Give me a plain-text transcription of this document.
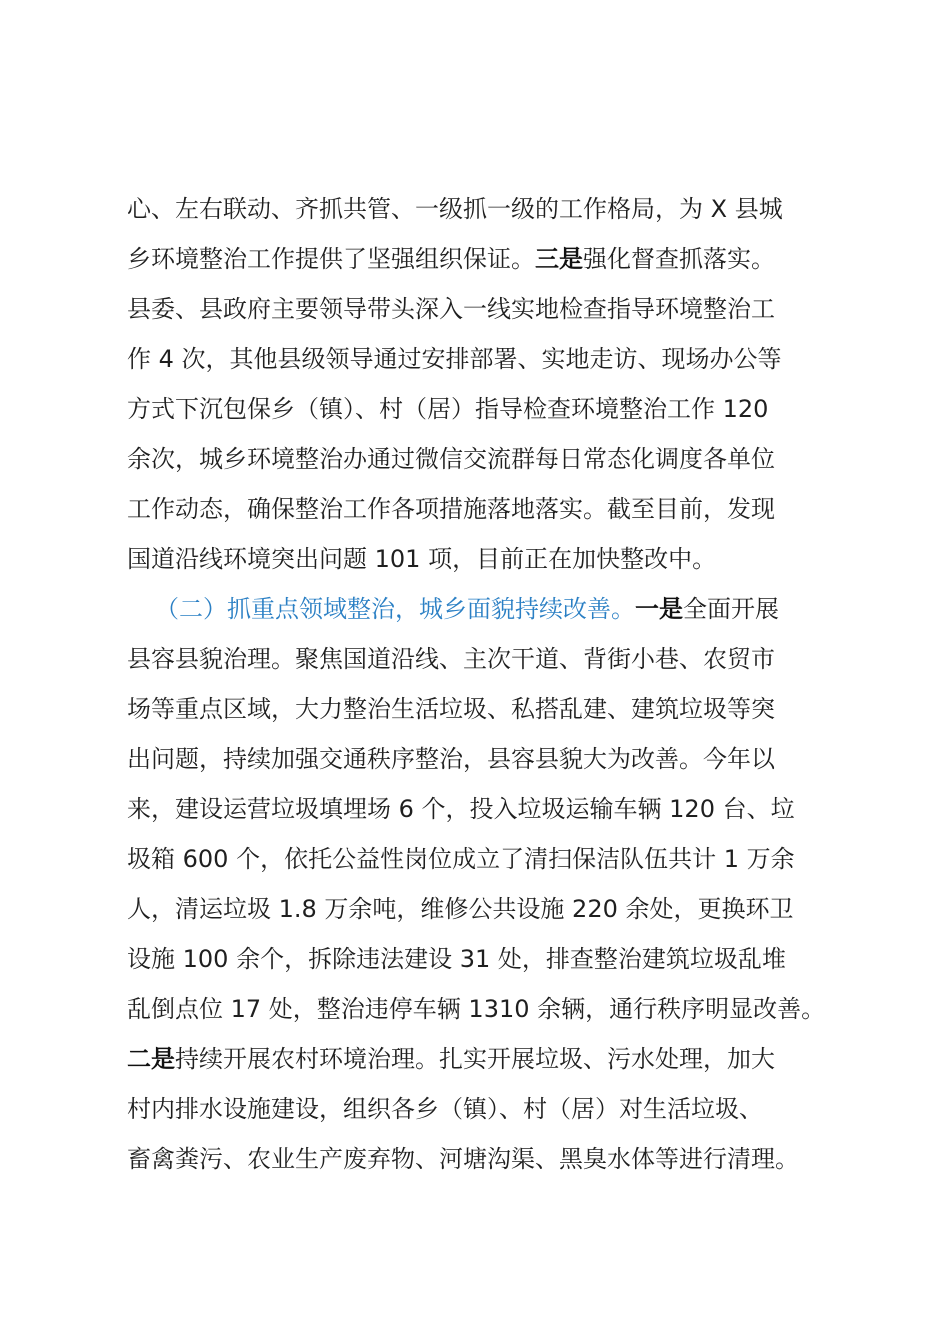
心、左右联动、齐抓共管、一级抓一级的工作格局，为 X 县城
乡环境整治工作提供了坚强组织保证。三是强化督查抓落实。
县委、县政府主要领导带头深入一线实地检查指导环境整治工
作 4 次，其他县级领导通过安排部署、实地走访、现场办公等
方式下沉包保乡（镇）、村（居）指导检查环境整治工作 120
余次，城乡环境整治办通过微信交流群每日常态化调度各单位
工作动态，确保整治工作各项措施落地落实。截至目前，发现
国道沿线环境突出问题 101 项，目前正在加快整改中。
（二）抓重点领域整治，城乡面貌持续改善。一是全面开展
县容县貌治理。聚焦国道沿线、主次干道、背街小巷、农贸市
场等重点区域，大力整治生活垃圾、私搭乱建、建筑垃圾等突
出问题，持续加强交通秩序整治，县容县貌大为改善。今年以
来，建设运营垃圾填埋场 6 个，投入垃圾运输车辆 120 台、垃
圾箱 600 个，依托公益性岗位成立了清扫保洁队伍共计 1 万余
人，清运垃圾 1.8 万余吨，维修公共设施 220 余处，更换环卫
设施 100 余个，拆除违法建设 31 处，排查整治建筑垃圾乱堆
乱倒点位 17 处，整治违停车辆 1310 余辆，通行秩序明显改善。
二是持续开展农村环境治理。扎实开展垃圾、污水处理，加大
村内排水设施建设，组织各乡（镇）、村（居）对生活垃圾、
畜禽粪污、农业生产废弃物、河塘沟渠、黑臭水体等进行清理。
